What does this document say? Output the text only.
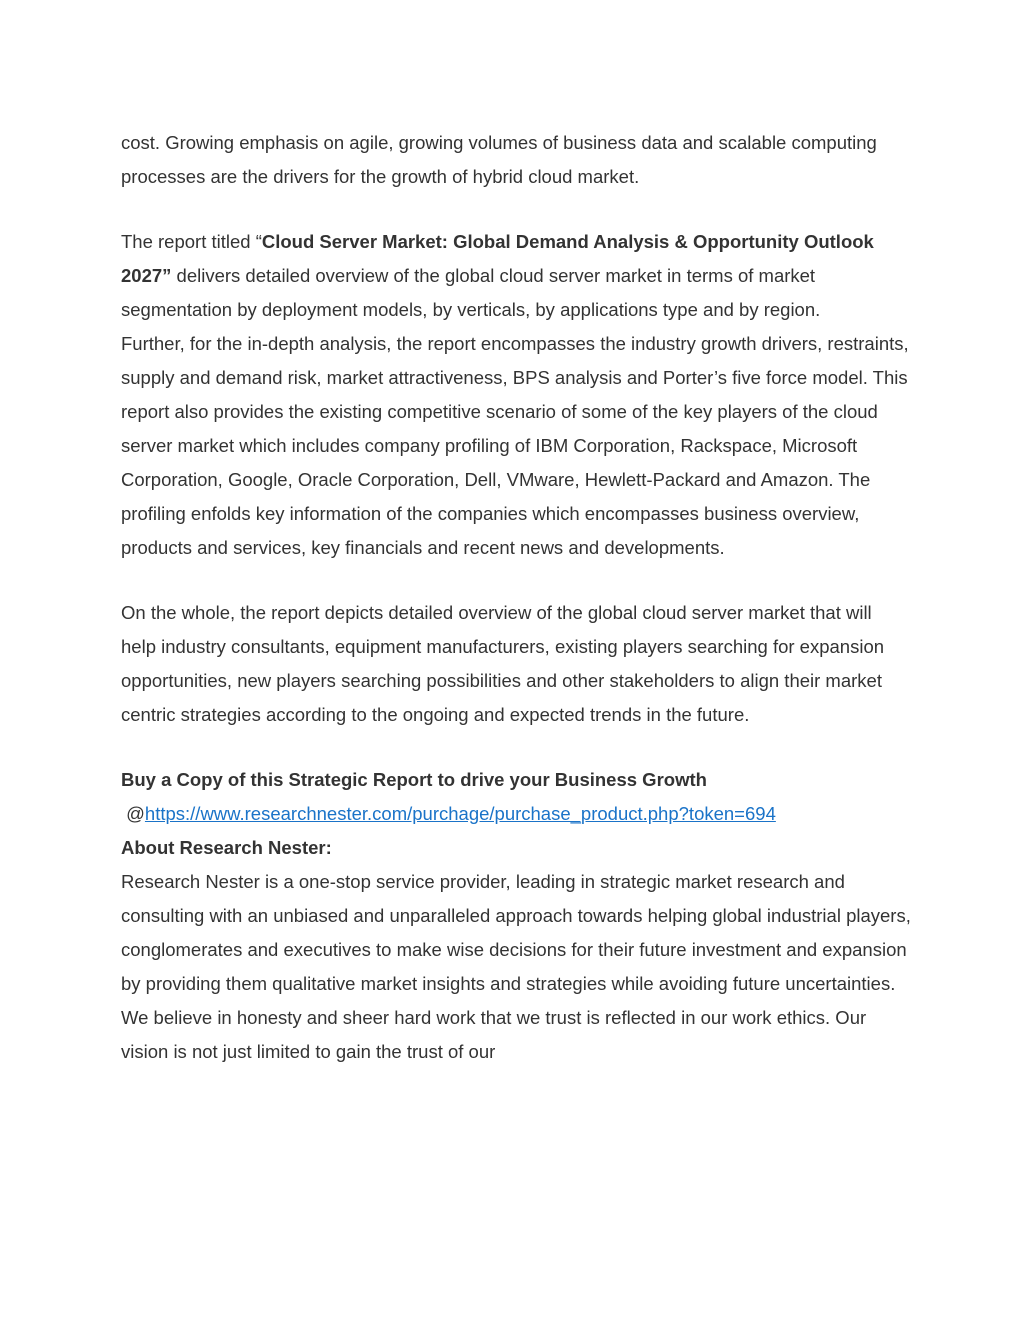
cost. Growing emphasis on agile, growing volumes of business data and scalable computing processes are the drivers for the growth of hybrid cloud market.

The report titled “Cloud Server Market: Global Demand Analysis & Opportunity Outlook 2027” delivers detailed overview of the global cloud server market in terms of market segmentation by deployment models, by verticals, by applications type and by region.

Further, for the in-depth analysis, the report encompasses the industry growth drivers, restraints, supply and demand risk, market attractiveness, BPS analysis and Porter’s five force model. This report also provides the existing competitive scenario of some of the key players of the cloud server market which includes company profiling of IBM Corporation, Rackspace, Microsoft Corporation, Google, Oracle Corporation, Dell, VMware, Hewlett-Packard and Amazon. The profiling enfolds key information of the companies which encompasses business overview, products and services, key financials and recent news and developments.

On the whole, the report depicts detailed overview of the global cloud server market that will help industry consultants, equipment manufacturers, existing players searching for expansion opportunities, new players searching possibilities and other stakeholders to align their market centric strategies according to the ongoing and expected trends in the future.

Buy a Copy of this Strategic Report to drive your Business Growth

@https://www.researchnester.com/purchage/purchase_product.php?token=694

About Research Nester:

Research Nester is a one-stop service provider, leading in strategic market research and consulting with an unbiased and unparalleled approach towards helping global industrial players, conglomerates and executives to make wise decisions for their future investment and expansion by providing them qualitative market insights and strategies while avoiding future uncertainties. We believe in honesty and sheer hard work that we trust is reflected in our work ethics. Our vision is not just limited to gain the trust of our
